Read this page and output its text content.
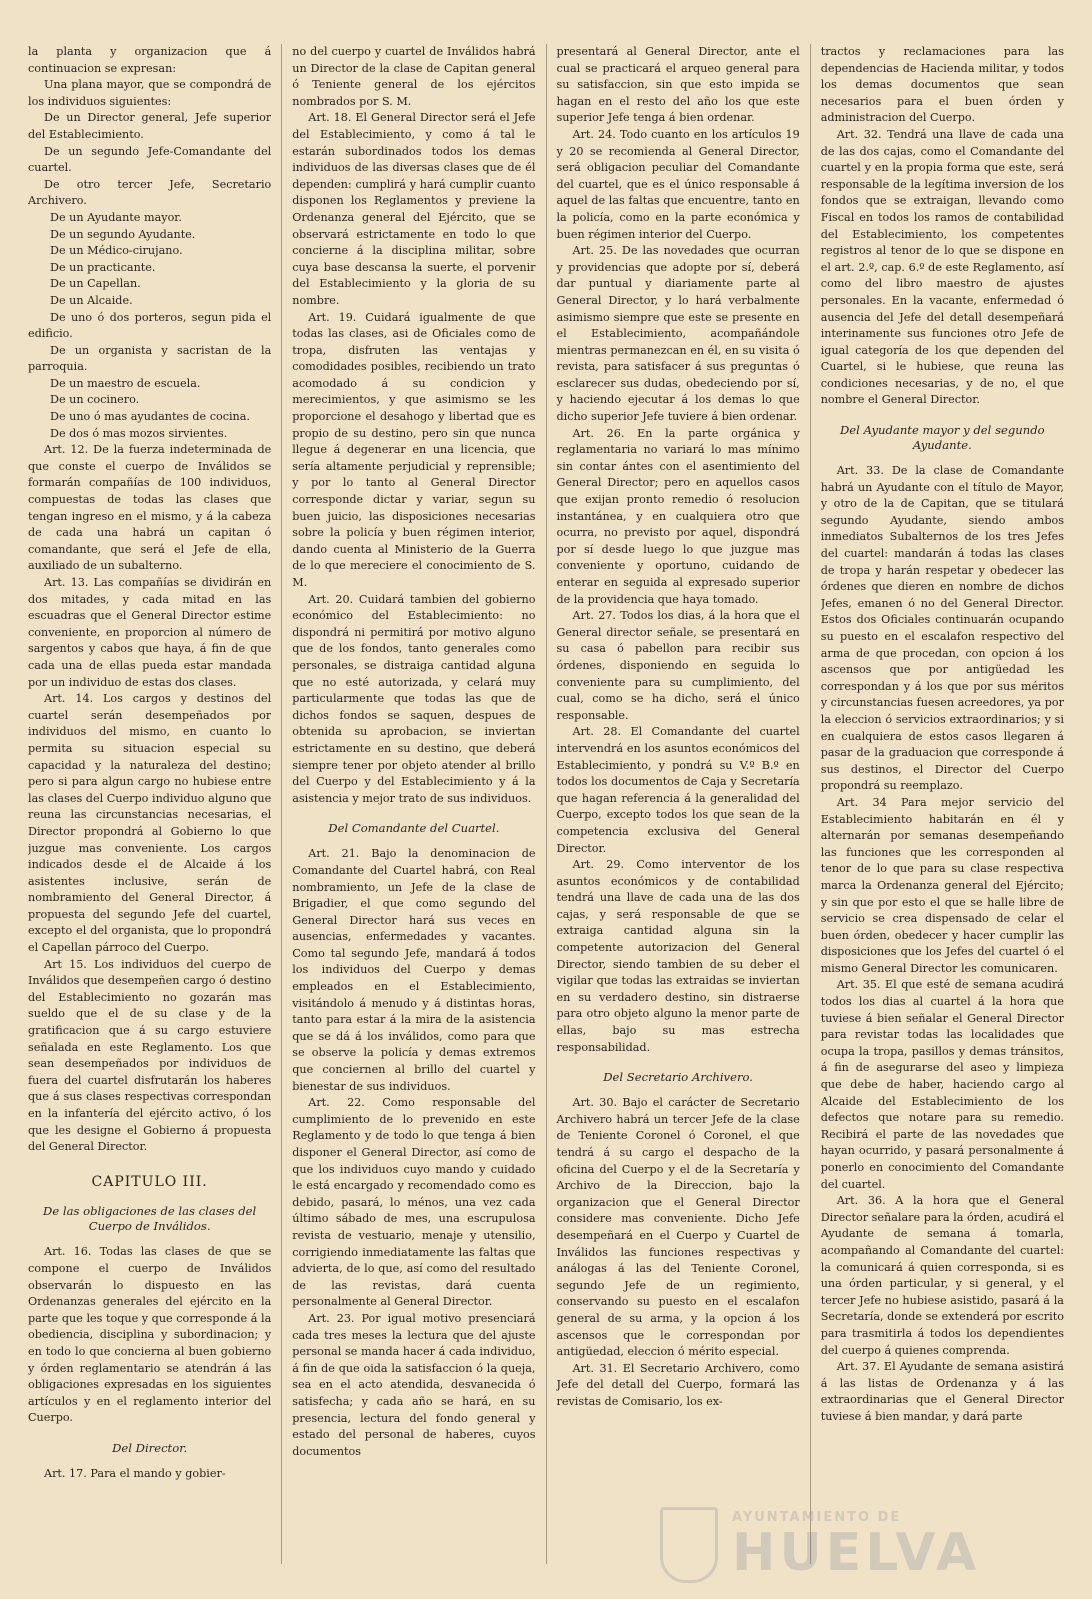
la planta y organizacion que á continuacion se expresan:

Una plana mayor, que se compondrá de los individuos siguientes:

De un Director general, Jefe superior del Establecimiento.

De un segundo Jefe-Comandante del cuartel.

De otro tercer Jefe, Secretario Archivero.

De un Ayudante mayor.

De un segundo Ayudante.

De un Médico-cirujano.

De un practicante.

De un Capellan.

De un Alcaide.

De uno ó dos porteros, segun pida el edificio.

De un organista y sacristan de la parroquia.

De un maestro de escuela.

De un cocinero.

De uno ó mas ayudantes de cocina.

De dos ó mas mozos sirvientes.

Art. 12. De la fuerza indeterminada de que conste el cuerpo de Inválidos se formarán compañías de 100 individuos, compuestas de todas las clases que tengan ingreso en el mismo, y á la cabeza de cada una habrá un capitan ó comandante, que será el Jefe de ella, auxiliado de un subalterno.

Art. 13. Las compañías se dividirán en dos mitades, y cada mitad en las escuadras que el General Director estime conveniente, en proporcion al número de sargentos y cabos que haya, á fin de que cada una de ellas pueda estar mandada por un individuo de estas dos clases.

Art. 14. Los cargos y destinos del cuartel serán desempeñados por individuos del mismo, en cuanto lo permita su situacion especial su capacidad y la naturaleza del destino; pero si para algun cargo no hubiese entre las clases del Cuerpo individuo alguno que reuna las circunstancias necesarias, el Director propondrá al Gobierno lo que juzgue mas conveniente. Los cargos indicados desde el de Alcaide á los asistentes inclusive, serán de nombramiento del General Director, á propuesta del segundo Jefe del cuartel, excepto el del organista, que lo propondrá el Capellan párroco del Cuerpo.

Art 15. Los individuos del cuerpo de Inválidos que desempeñen cargo ó destino del Establecimiento no gozarán mas sueldo que el de su clase y de la gratificacion que á su cargo estuviere señalada en este Reglamento. Los que sean desempeñados por individuos de fuera del cuartel disfrutarán los haberes que á sus clases respectivas correspondan en la infantería del ejército activo, ó los que les designe el Gobierno á propuesta del General Director.

CAPITULO III.
De las obligaciones de las clases del Cuerpo de Inválidos.

Art. 16. Todas las clases de que se compone el cuerpo de Inválidos observarán lo dispuesto en las Ordenanzas generales del ejército en la parte que les toque y que corresponde á la obediencia, disciplina y subordinacion; y en todo lo que concierna al buen gobierno y órden reglamentario se atendrán á las obligaciones expresadas en los siguientes artículos y en el reglamento interior del Cuerpo.

Del Director.

Art. 17. Para el mando y gobier-

no del cuerpo y cuartel de Inválidos habrá un Director de la clase de Capitan general ó Teniente general de los ejércitos nombrados por S. M.

Art. 18. El General Director será el Jefe del Establecimiento, y como á tal le estarán subordinados todos los demas individuos de las diversas clases que de él dependen: cumplirá y hará cumplir cuanto disponen los Reglamentos y previene la Ordenanza general del Ejército, que se observará estrictamente en todo lo que concierne á la disciplina militar, sobre cuya base descansa la suerte, el porvenir del Establecimiento y la gloria de su nombre.

Art. 19. Cuidará igualmente de que todas las clases, asi de Oficiales como de tropa, disfruten las ventajas y comodidades posibles, recibiendo un trato acomodado á su condicion y merecimientos, y que asimismo se les proporcione el desahogo y libertad que es propio de su destino, pero sin que nunca llegue á degenerar en una licencia, que sería altamente perjudicial y reprensible; y por lo tanto al General Director corresponde dictar y variar, segun su buen juicio, las disposiciones necesarias sobre la policía y buen régimen interior, dando cuenta al Ministerio de la Guerra de lo que mereciere el conocimiento de S. M.

Art. 20. Cuidará tambien del gobierno económico del Establecimiento: no dispondrá ni permitirá por motivo alguno que de los fondos, tanto generales como personales, se distraiga cantidad alguna que no esté autorizada, y celará muy particularmente que todas las que de dichos fondos se saquen, despues de obtenida su aprobacion, se inviertan estrictamente en su destino, que deberá siempre tener por objeto atender al brillo del Cuerpo y del Establecimiento y á la asistencia y mejor trato de sus individuos.

Del Comandante del Cuartel.

Art. 21. Bajo la denominacion de Comandante del Cuartel habrá, con Real nombramiento, un Jefe de la clase de Brigadier, el que como segundo del General Director hará sus veces en ausencias, enfermedades y vacantes. Como tal segundo Jefe, mandará á todos los individuos del Cuerpo y demas empleados en el Establecimiento, visitándolo á menudo y á distintas horas, tanto para estar á la mira de la asistencia que se dá á los inválidos, como para que se observe la policía y demas extremos que conciernen al brillo del cuartel y bienestar de sus individuos.

Art. 22. Como responsable del cumplimiento de lo prevenido en este Reglamento y de todo lo que tenga á bien disponer el General Director, así como de que los individuos cuyo mando y cuidado le está encargado y recomendado como es debido, pasará, lo ménos, una vez cada último sábado de mes, una escrupulosa revista de vestuario, menaje y utensilio, corrigiendo inmediatamente las faltas que advierta, de lo que, así como del resultado de las revistas, dará cuenta personalmente al General Director.

Art. 23. Por igual motivo presenciará cada tres meses la lectura que del ajuste personal se manda hacer á cada individuo, á fin de que oida la satisfaccion ó la queja, sea en el acto atendida, desvanecida ó satisfecha; y cada año se hará, en su presencia, lectura del fondo general y estado del personal de haberes, cuyos documentos

presentará al General Director, ante el cual se practicará el arqueo general para su satisfaccion, sin que esto impida se hagan en el resto del año los que este superior Jefe tenga á bien ordenar.

Art. 24. Todo cuanto en los artículos 19 y 20 se recomienda al General Director, será obligacion peculiar del Comandante del cuartel, que es el único responsable á aquel de las faltas que encuentre, tanto en la policía, como en la parte económica y buen régimen interior del Cuerpo.

Art. 25. De las novedades que ocurran y providencias que adopte por sí, deberá dar puntual y diariamente parte al General Director, y lo hará verbalmente asimismo siempre que este se presente en el Establecimiento, acompañándole mientras permanezcan en él, en su visita ó revista, para satisfacer á sus preguntas ó esclarecer sus dudas, obedeciendo por sí, y haciendo ejecutar á los demas lo que dicho superior Jefe tuviere á bien ordenar.

Art. 26. En la parte orgánica y reglamentaria no variará lo mas mínimo sin contar ántes con el asentimiento del General Director; pero en aquellos casos que exijan pronto remedio ó resolucion instantánea, y en cualquiera otro que ocurra, no previsto por aquel, dispondrá por sí desde luego lo que juzgue mas conveniente y oportuno, cuidando de enterar en seguida al expresado superior de la providencia que haya tomado.

Art. 27. Todos los dias, á la hora que el General director señale, se presentará en su casa ó pabellon para recibir sus órdenes, disponiendo en seguida lo conveniente para su cumplimiento, del cual, como se ha dicho, será el único responsable.

Art. 28. El Comandante del cuartel intervendrá en los asuntos económicos del Establecimiento, y pondrá su V.º B.º en todos los documentos de Caja y Secretaría que hagan referencia á la generalidad del Cuerpo, excepto todos los que sean de la competencia exclusiva del General Director.

Art. 29. Como interventor de los asuntos económicos y de contabilidad tendrá una llave de cada una de las dos cajas, y será responsable de que se extraiga cantidad alguna sin la competente autorizacion del General Director, siendo tambien de su deber el vigilar que todas las extraidas se inviertan en su verdadero destino, sin distraerse para otro objeto alguno la menor parte de ellas, bajo su mas estrecha responsabilidad.

Del Secretario Archivero.

Art. 30. Bajo el carácter de Secretario Archivero habrá un tercer Jefe de la clase de Teniente Coronel ó Coronel, el que tendrá á su cargo el despacho de la oficina del Cuerpo y el de la Secretaría y Archivo de la Direccion, bajo la organizacion que el General Director considere mas conveniente. Dicho Jefe desempeñará en el Cuerpo y Cuartel de Inválidos las funciones respectivas y análogas á las del Teniente Coronel, segundo Jefe de un regimiento, conservando su puesto en el escalafon general de su arma, y la opcion á los ascensos que le correspondan por antigüedad, eleccion ó mérito especial.

Art. 31. El Secretario Archivero, como Jefe del detall del Cuerpo, formará las revistas de Comisario, los ex-

tractos y reclamaciones para las dependencias de Hacienda militar, y todos los demas documentos que sean necesarios para el buen órden y administracion del Cuerpo.

Art. 32. Tendrá una llave de cada una de las dos cajas, como el Comandante del cuartel y en la propia forma que este, será responsable de la legítima inversion de los fondos que se extraigan, llevando como Fiscal en todos los ramos de contabilidad del Establecimiento, los competentes registros al tenor de lo que se dispone en el art. 2.º, cap. 6.º de este Reglamento, así como del libro maestro de ajustes personales. En la vacante, enfermedad ó ausencia del Jefe del detall desempeñará interinamente sus funciones otro Jefe de igual categoría de los que dependen del Cuartel, si le hubiese, que reuna las condiciones necesarias, y de no, el que nombre el General Director.

Del Ayudante mayor y del segundo Ayudante.

Art. 33. De la clase de Comandante habrá un Ayudante con el título de Mayor, y otro de la de Capitan, que se titulará segundo Ayudante, siendo ambos inmediatos Subalternos de los tres Jefes del cuartel: mandarán á todas las clases de tropa y harán respetar y obedecer las órdenes que dieren en nombre de dichos Jefes, emanen ó no del General Director. Estos dos Oficiales continuarán ocupando su puesto en el escalafon respectivo del arma de que procedan, con opcion á los ascensos que por antigüedad les correspondan y á los que por sus méritos y circunstancias fuesen acreedores, ya por la eleccion ó servicios extraordinarios; y si en cualquiera de estos casos llegaren á pasar de la graduacion que corresponde á sus destinos, el Director del Cuerpo propondrá su reemplazo.

Art. 34 Para mejor servicio del Establecimiento habitarán en él y alternarán por semanas desempeñando las funciones que les corresponden al tenor de lo que para su clase respectiva marca la Ordenanza general del Ejército; y sin que por esto el que se halle libre de servicio se crea dispensado de celar el buen órden, obedecer y hacer cumplir las disposiciones que los Jefes del cuartel ó el mismo General Director les comunicaren.

Art. 35. El que esté de semana acudirá todos los dias al cuartel á la hora que tuviese á bien señalar el General Director para revistar todas las localidades que ocupa la tropa, pasillos y demas tránsitos, á fin de asegurarse del aseo y limpieza que debe de haber, haciendo cargo al Alcaide del Establecimiento de los defectos que notare para su remedio. Recibirá el parte de las novedades que hayan ocurrido, y pasará personalmente á ponerlo en conocimiento del Comandante del cuartel.

Art. 36. A la hora que el General Director señalare para la órden, acudirá el Ayudante de semana á tomarla, acompañando al Comandante del cuartel: la comunicará á quien corresponda, si es una órden particular, y si general, y el tercer Jefe no hubiese asistido, pasará á la Secretaría, donde se extenderá por escrito para trasmitirla á todos los dependientes del cuerpo á quienes comprenda.

Art. 37. El Ayudante de semana asistirá á las listas de Ordenanza y á las extraordinarias que el General Director tuviese á bien mandar, y dará parte

AYUNTAMIENTO DE
HUELVA
